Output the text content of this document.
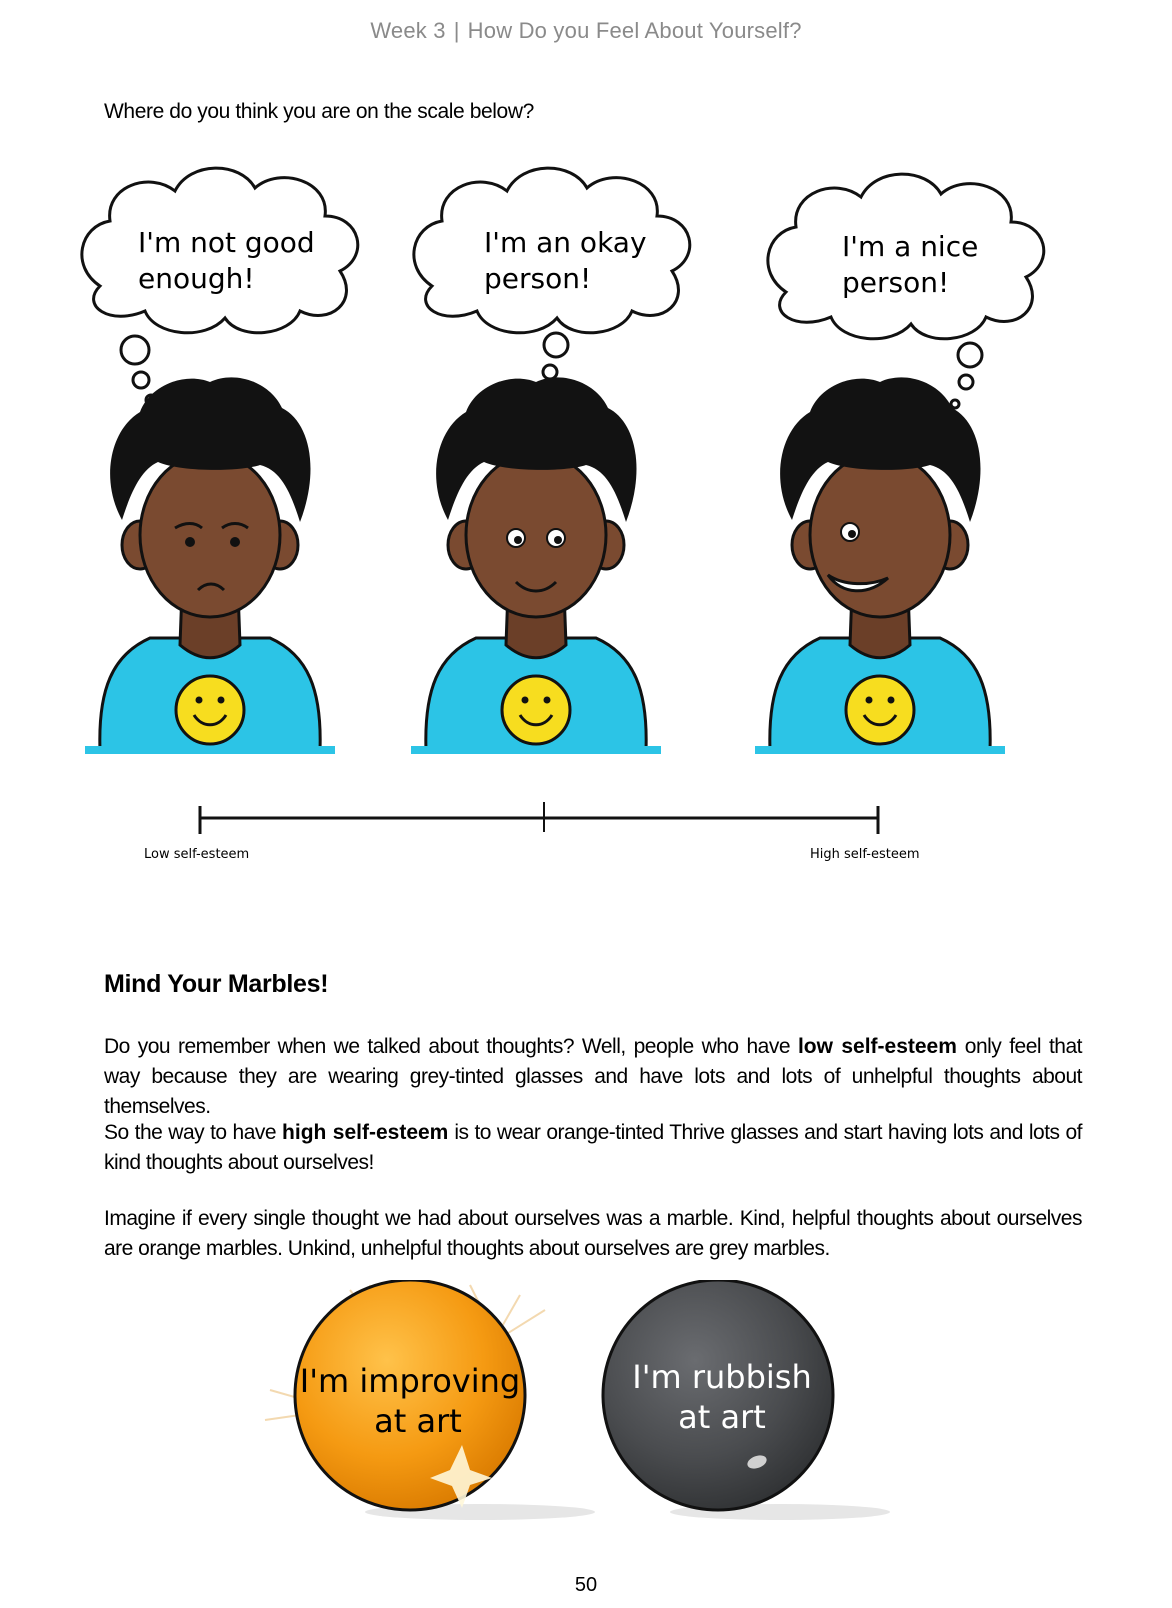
Week 3 | How Do you Feel About Yourself?
Where do you think you are on the scale below?
I'm not good
enough!
I'm an okay
person!
I'm a nice
person!
Low self-esteem	High self-esteem
Mind Your Marbles!
Do you remember when we talked about thoughts? Well, people who have low self-esteem only feel that way because they are wearing grey-tinted glasses and have lots and lots of unhelpful thoughts about themselves.
So the way to have high self-esteem is to wear orange-tinted Thrive glasses and start having lots and lots of kind thoughts about ourselves!
Imagine if every single thought we had about ourselves was a marble. Kind, helpful thoughts about ourselves are orange marbles. Unkind, unhelpful thoughts about ourselves are grey marbles.
I'm improving
at art
I'm rubbish
at art
50
